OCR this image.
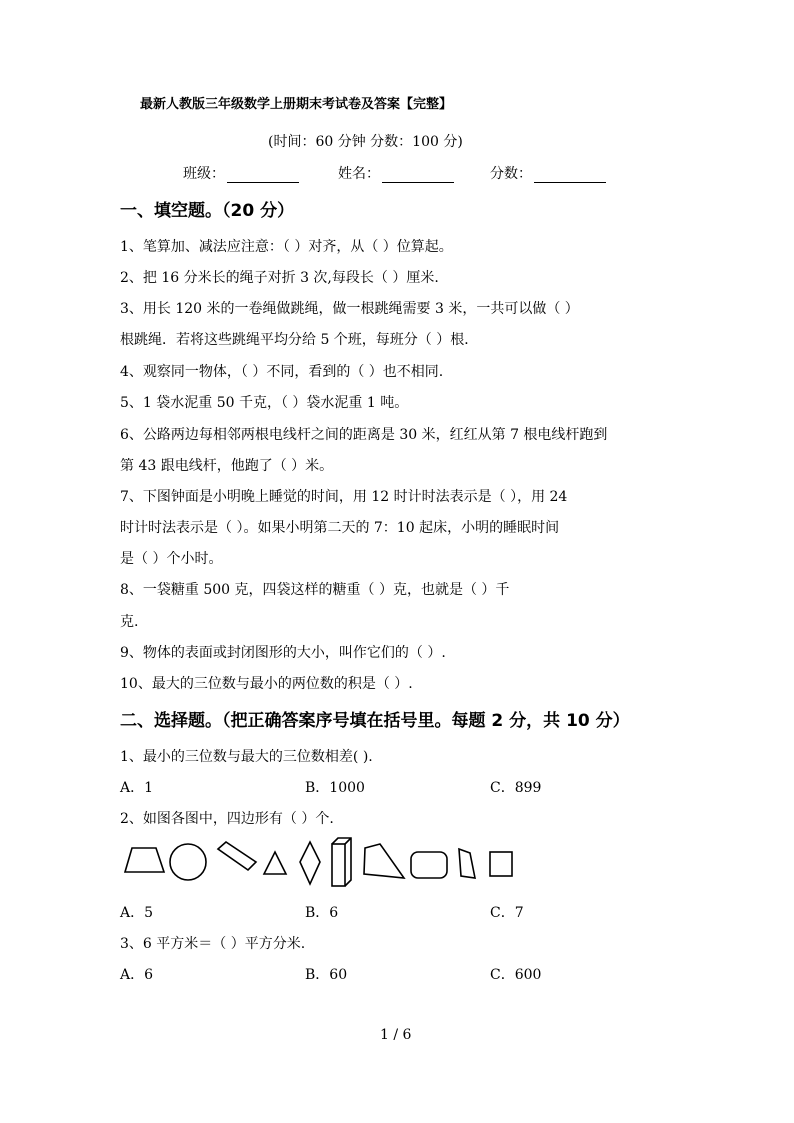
最新人教版三年级数学上册期末考试卷及答案【完整】
(时间：60 分钟 分数：100 分)
班级：	姓名：	分数：
一、填空题。（20 分）
1、笔算加、减法应注意：（ ）对齐，从（ ）位算起。
2、把 16 分米长的绳子对折 3 次,每段长（ ）厘米.
3、用长 120 米的一卷绳做跳绳，做一根跳绳需要 3 米，一共可以做（ ）
根跳绳．若将这些跳绳平均分给 5 个班，每班分（ ）根．
4、观察同一物体，（ ）不同，看到的（ ）也不相同.
5、1 袋水泥重 50 千克，（ ）袋水泥重 1 吨。
6、公路两边每相邻两根电线杆之间的距离是 30 米，红红从第 7 根电线杆跑到
第 43 跟电线杆，他跑了（ ）米。
7、下图钟面是小明晚上睡觉的时间，用 12 时计时法表示是（ ），用 24
时计时法表示是（ ）。如果小明第二天的 7：10 起床，小明的睡眠时间
是（ ）个小时。
8、一袋糖重 500 克，四袋这样的糖重（ ）克，也就是（ ）千
克.
9、物体的表面或封闭图形的大小，叫作它们的（ ）.
10、最大的三位数与最小的两位数的积是（ ）.
二、选择题。（把正确答案序号填在括号里。每题 2 分，共 10 分）
1、最小的三位数与最大的三位数相差( ).
A．1	B．1000	C．899
2、如图各图中，四边形有（ ）个.
A．5	B．6	C．7
3、6 平方米＝（ ）平方分米.
A．6	B．60	C．600
1 / 6
